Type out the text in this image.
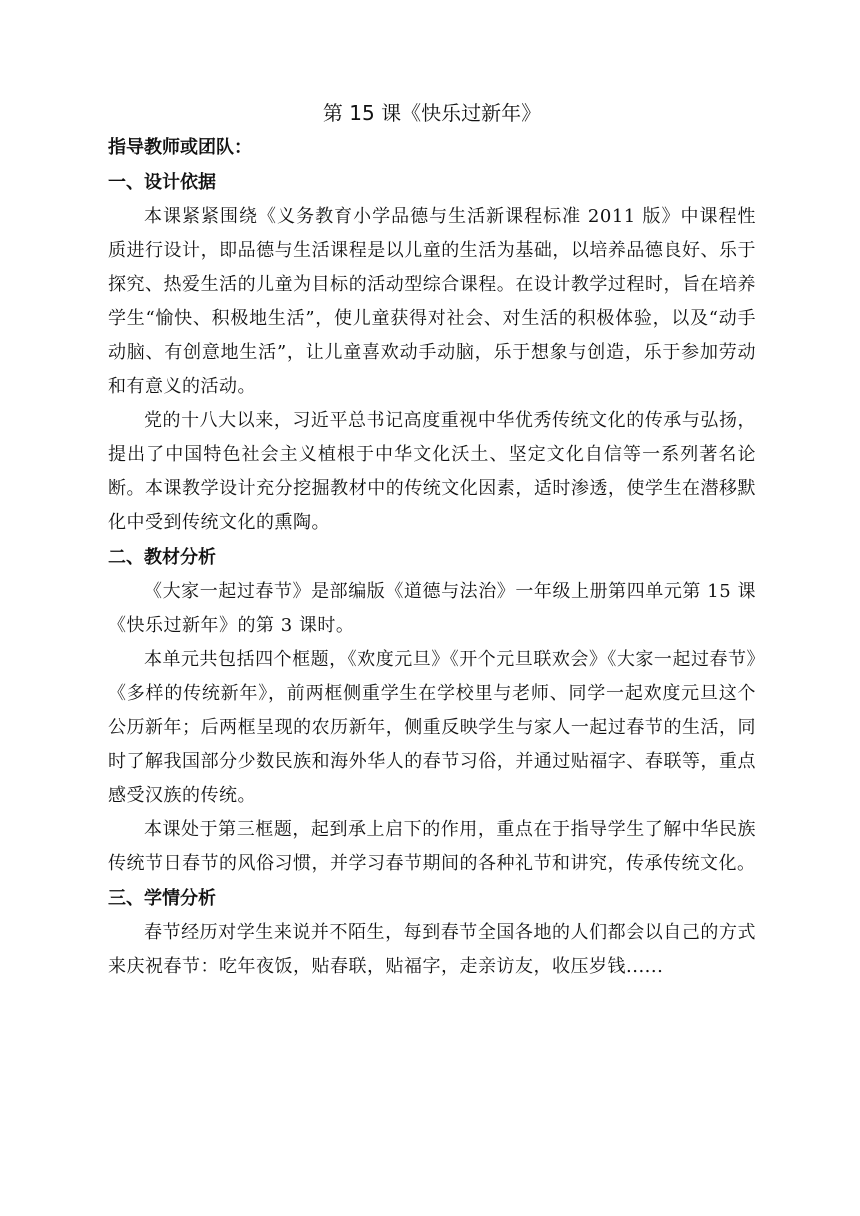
第 15 课《快乐过新年》

指导教师或团队：

一、设计依据

本课紧紧围绕《义务教育小学品德与生活新课程标准 2011 版》中课程性质进行设计，即品德与生活课程是以儿童的生活为基础，以培养品德良好、乐于探究、热爱生活的儿童为目标的活动型综合课程。在设计教学过程时，旨在培养学生“愉快、积极地生活”，使儿童获得对社会、对生活的积极体验，以及“动手动脑、有创意地生活”，让儿童喜欢动手动脑，乐于想象与创造，乐于参加劳动和有意义的活动。

党的十八大以来，习近平总书记高度重视中华优秀传统文化的传承与弘扬，提出了中国特色社会主义植根于中华文化沃土、坚定文化自信等一系列著名论断。本课教学设计充分挖掘教材中的传统文化因素，适时渗透，使学生在潜移默化中受到传统文化的熏陶。

二、教材分析

《大家一起过春节》是部编版《道德与法治》一年级上册第四单元第 15 课《快乐过新年》的第 3 课时。

本单元共包括四个框题，《欢度元旦》《开个元旦联欢会》《大家一起过春节》《多样的传统新年》，前两框侧重学生在学校里与老师、同学一起欢度元旦这个公历新年；后两框呈现的农历新年，侧重反映学生与家人一起过春节的生活，同时了解我国部分少数民族和海外华人的春节习俗，并通过贴福字、春联等，重点感受汉族的传统。

本课处于第三框题，起到承上启下的作用，重点在于指导学生了解中华民族传统节日春节的风俗习惯，并学习春节期间的各种礼节和讲究，传承传统文化。

三、学情分析

春节经历对学生来说并不陌生，每到春节全国各地的人们都会以自己的方式来庆祝春节：吃年夜饭，贴春联，贴福字，走亲访友，收压岁钱......
